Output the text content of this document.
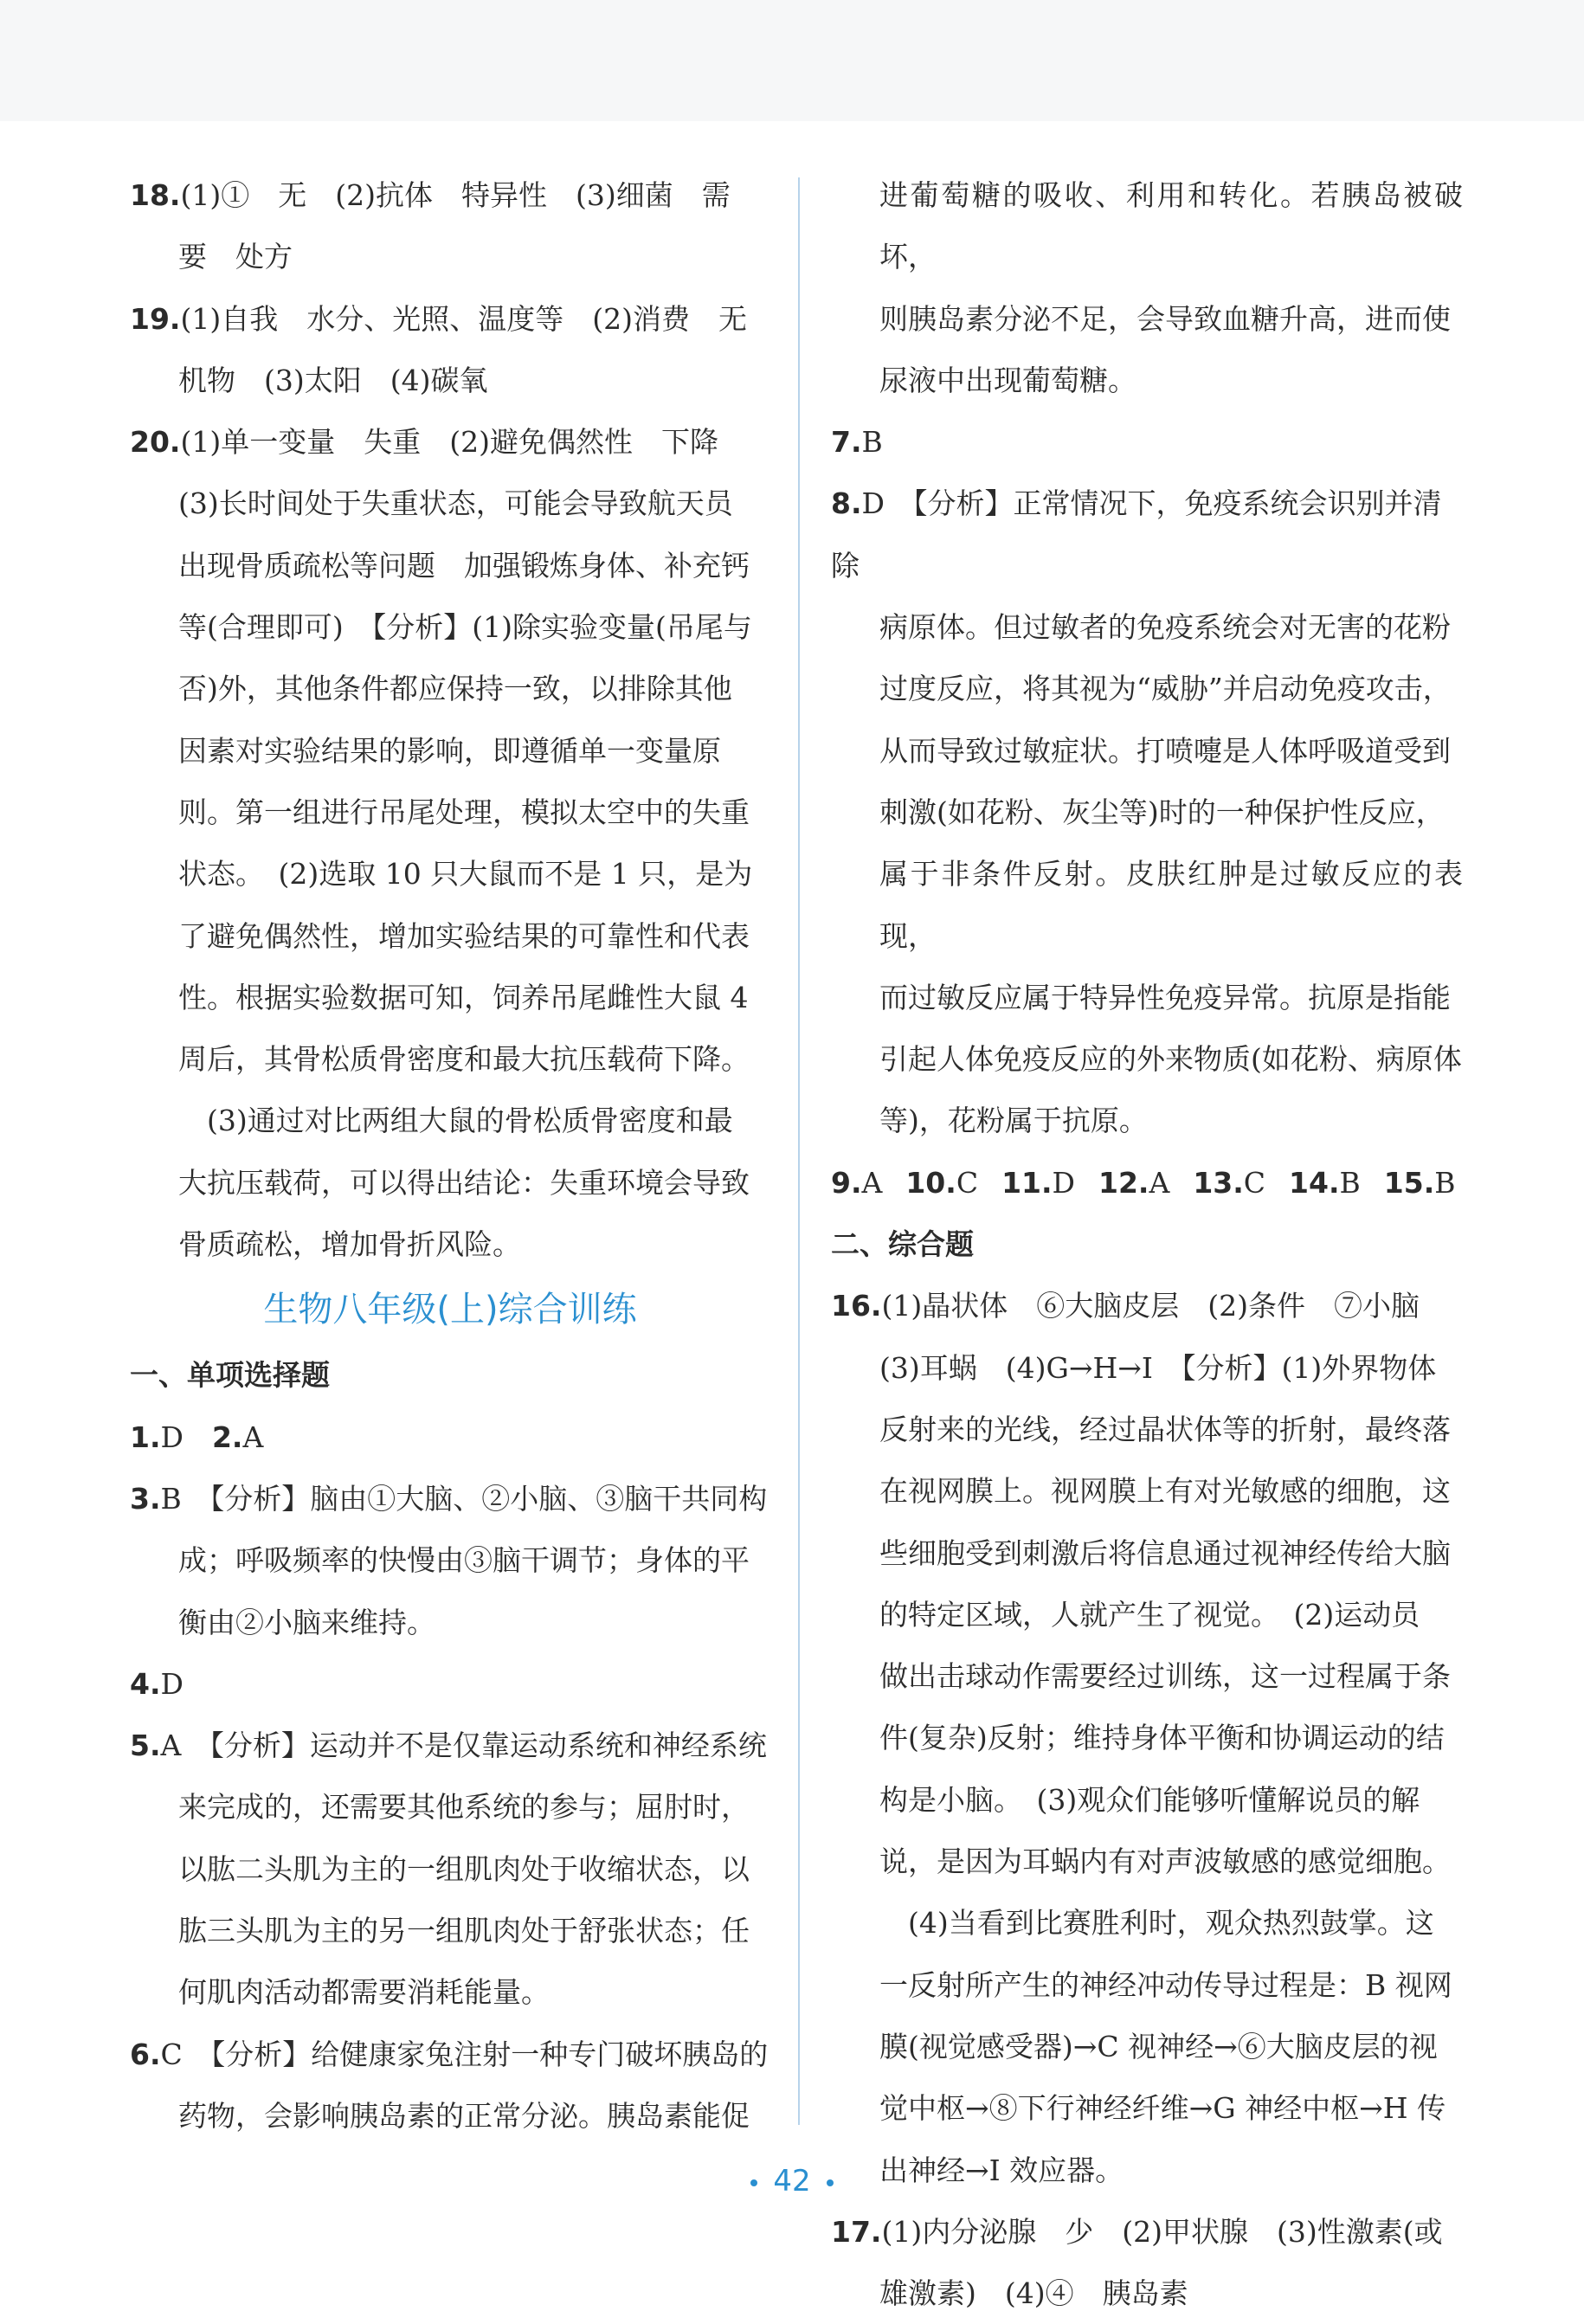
18.(1)①　无　(2)抗体　特异性　(3)细菌　需

要　处方

19.(1)自我　水分、光照、温度等　(2)消费　无

机物　(3)太阳　(4)碳氧

20.(1)单一变量　失重　(2)避免偶然性　下降

(3)长时间处于失重状态，可能会导致航天员

出现骨质疏松等问题　加强锻炼身体、补充钙

等(合理即可)　【分析】(1)除实验变量(吊尾与

否)外，其他条件都应保持一致，以排除其他

因素对实验结果的影响，即遵循单一变量原

则。第一组进行吊尾处理，模拟太空中的失重

状态。　(2)选取 10 只大鼠而不是 1 只，是为

了避免偶然性，增加实验结果的可靠性和代表

性。根据实验数据可知，饲养吊尾雌性大鼠 4

周后，其骨松质骨密度和最大抗压载荷下降。

　(3)通过对比两组大鼠的骨松质骨密度和最

大抗压载荷，可以得出结论：失重环境会导致

骨质疏松，增加骨折风险。

生物八年级(上)综合训练

一、单项选择题

1.D　 2.A

3.B　【分析】脑由①大脑、②小脑、③脑干共同构

成；呼吸频率的快慢由③脑干调节；身体的平

衡由②小脑来维持。

4.D

5.A　【分析】运动并不是仅靠运动系统和神经系统

来完成的，还需要其他系统的参与；屈肘时，

以肱二头肌为主的一组肌肉处于收缩状态，以

肱三头肌为主的另一组肌肉处于舒张状态；任

何肌肉活动都需要消耗能量。

6.C　【分析】给健康家兔注射一种专门破坏胰岛的

药物，会影响胰岛素的正常分泌。胰岛素能促

进葡萄糖的吸收、利用和转化。若胰岛被破坏，

则胰岛素分泌不足，会导致血糖升高，进而使

尿液中出现葡萄糖。

7.B

8.D　【分析】正常情况下，免疫系统会识别并清除

病原体。但过敏者的免疫系统会对无害的花粉

过度反应，将其视为“威胁”并启动免疫攻击，

从而导致过敏症状。打喷嚏是人体呼吸道受到

刺激(如花粉、灰尘等)时的一种保护性反应，

属于非条件反射。皮肤红肿是过敏反应的表现，

而过敏反应属于特异性免疫异常。抗原是指能

引起人体免疫反应的外来物质(如花粉、病原体

等)，花粉属于抗原。

9.A  10.C  11.D  12.A  13.C  14.B  15.B

二、综合题

16.(1)晶状体　⑥大脑皮层　(2)条件　⑦小脑

(3)耳蜗　(4)G→H→I　【分析】(1)外界物体

反射来的光线，经过晶状体等的折射，最终落

在视网膜上。视网膜上有对光敏感的细胞，这

些细胞受到刺激后将信息通过视神经传给大脑

的特定区域，人就产生了视觉。　(2)运动员

做出击球动作需要经过训练，这一过程属于条

件(复杂)反射；维持身体平衡和协调运动的结

构是小脑。　(3)观众们能够听懂解说员的解

说，是因为耳蜗内有对声波敏感的感觉细胞。

　(4)当看到比赛胜利时，观众热烈鼓掌。这

一反射所产生的神经冲动传导过程是：B 视网

膜(视觉感受器)→C 视神经→⑥大脑皮层的视

觉中枢→⑧下行神经纤维→G 神经中枢→H 传

出神经→I 效应器。

17.(1)内分泌腺　少　(2)甲状腺　(3)性激素(或

雄激素)　(4)④　胰岛素

42
